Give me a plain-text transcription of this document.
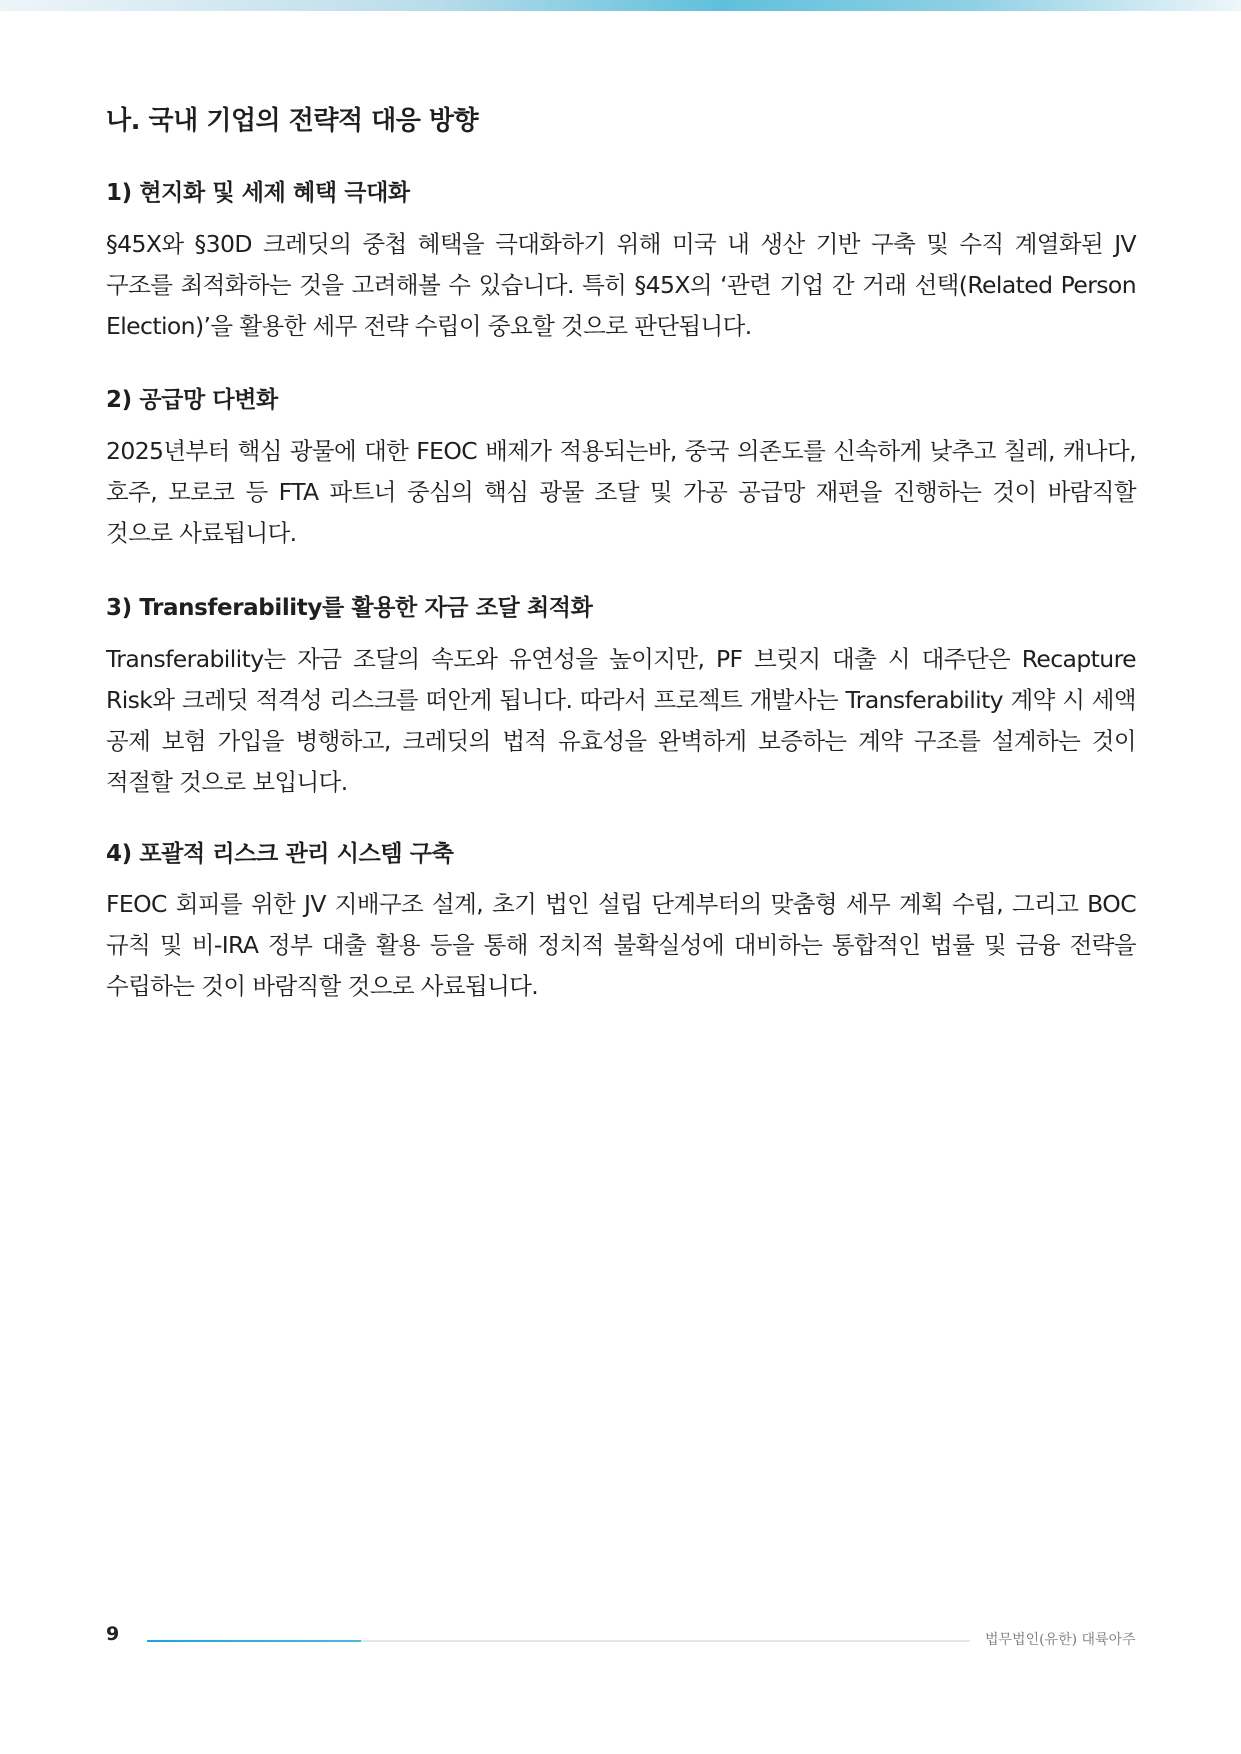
나. 국내 기업의 전략적 대응 방향
1) 현지화 및 세제 혜택 극대화

§45X와 §30D 크레딧의 중첩 혜택을 극대화하기 위해 미국 내 생산 기반 구축 및 수직 계열화된 JV 구조를 최적화하는 것을 고려해볼 수 있습니다. 특히 §45X의 ‘관련 기업 간 거래 선택(Related Person Election)’을 활용한 세무 전략 수립이 중요할 것으로 판단됩니다.

2) 공급망 다변화

2025년부터 핵심 광물에 대한 FEOC 배제가 적용되는바, 중국 의존도를 신속하게 낮추고 칠레, 캐나다, 호주, 모로코 등 FTA 파트너 중심의 핵심 광물 조달 및 가공 공급망 재편을 진행하는 것이 바람직할 것으로 사료됩니다.

3) Transferability를 활용한 자금 조달 최적화

Transferability는 자금 조달의 속도와 유연성을 높이지만, PF 브릿지 대출 시 대주단은 Recapture Risk와 크레딧 적격성 리스크를 떠안게 됩니다. 따라서 프로젝트 개발사는 Transferability 계약 시 세액 공제 보험 가입을 병행하고, 크레딧의 법적 유효성을 완벽하게 보증하는 계약 구조를 설계하는 것이 적절할 것으로 보입니다.

4) 포괄적 리스크 관리 시스템 구축

FEOC 회피를 위한 JV 지배구조 설계, 초기 법인 설립 단계부터의 맞춤형 세무 계획 수립, 그리고 BOC 규칙 및 비-IRA 정부 대출 활용 등을 통해 정치적 불확실성에 대비하는 통합적인 법률 및 금융 전략을 수립하는 것이 바람직할 것으로 사료됩니다.

9	법무법인(유한) 대륙아주
